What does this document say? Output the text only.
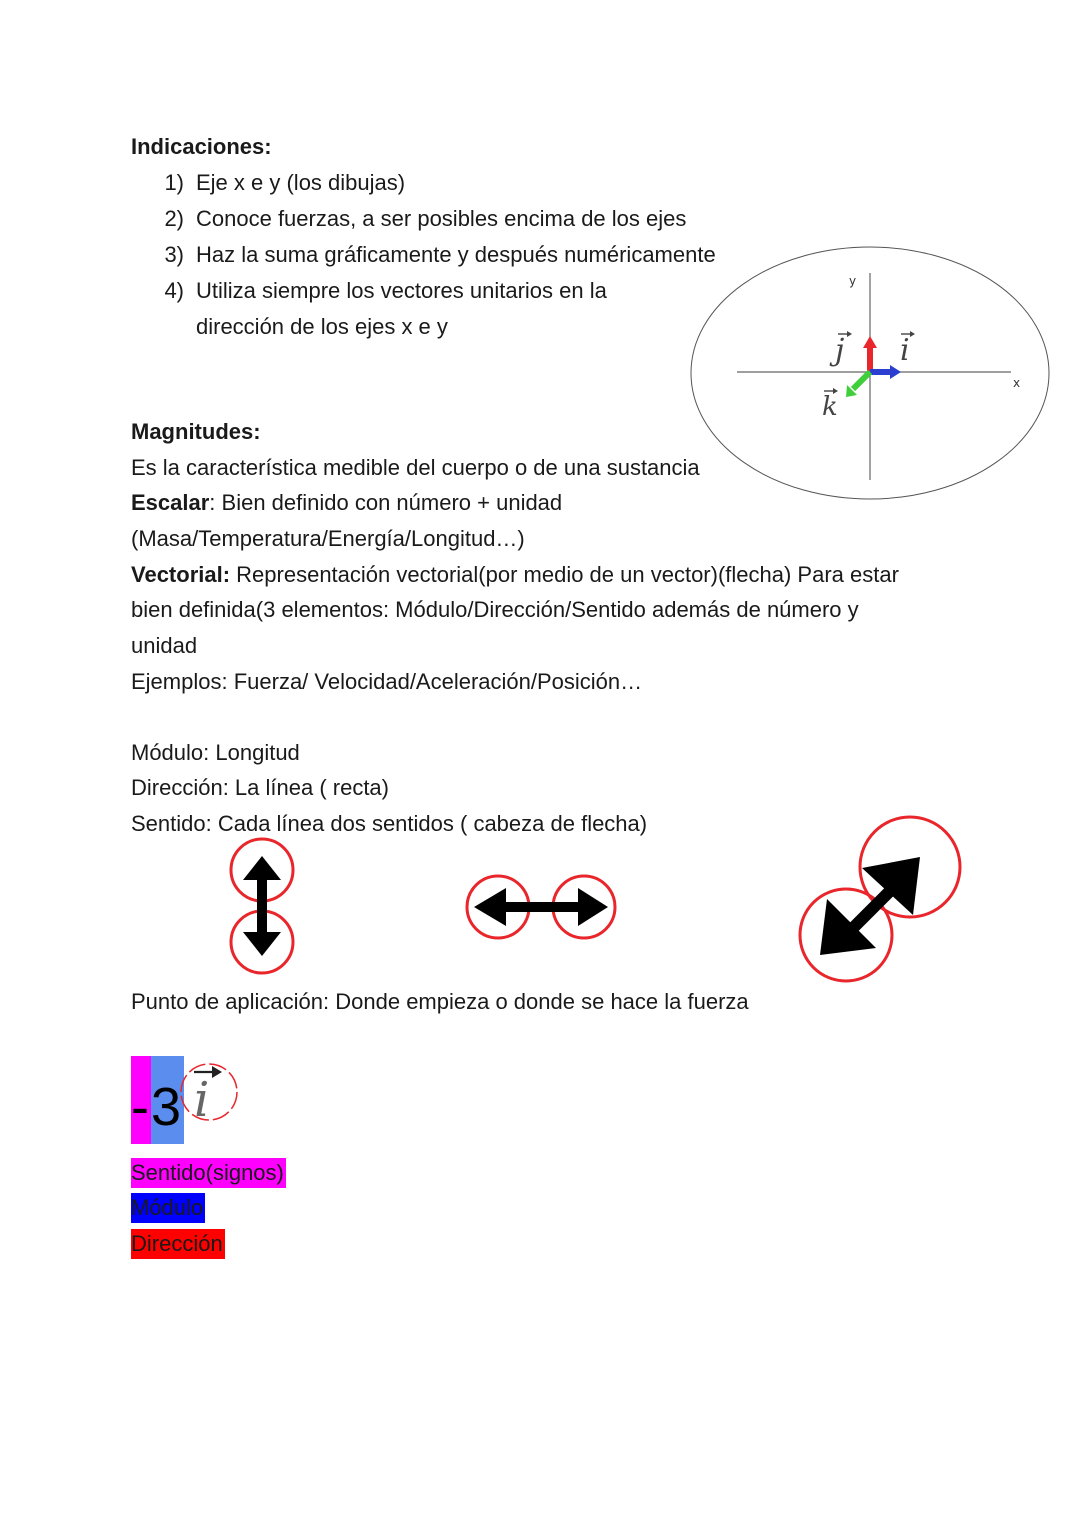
Indicaciones:
1) Eje x e y (los dibujas)
2) Conoce fuerzas, a ser posibles encima de los ejes
3) Haz la suma gráficamente y después numéricamente
4) Utiliza siempre los vectores unitarios en la
dirección de los ejes x e y
y
x
j i
k
Magnitudes:
Es la característica medible del cuerpo o de una sustancia
Escalar: Bien definido con número + unidad
(Masa/Temperatura/Energía/Longitud…)
Vectorial: Representación vectorial(por medio de un vector)(flecha) Para estar
bien definida(3 elementos: Módulo/Dirección/Sentido además de número y
unidad
Ejemplos: Fuerza/ Velocidad/Aceleración/Posición…
Módulo: Longitud
Dirección: La línea ( recta)
Sentido: Cada línea dos sentidos ( cabeza de flecha)
Punto de aplicación: Donde empieza o donde se hace la fuerza
- 3 i
Sentido(signos)
Módulo
Dirección
